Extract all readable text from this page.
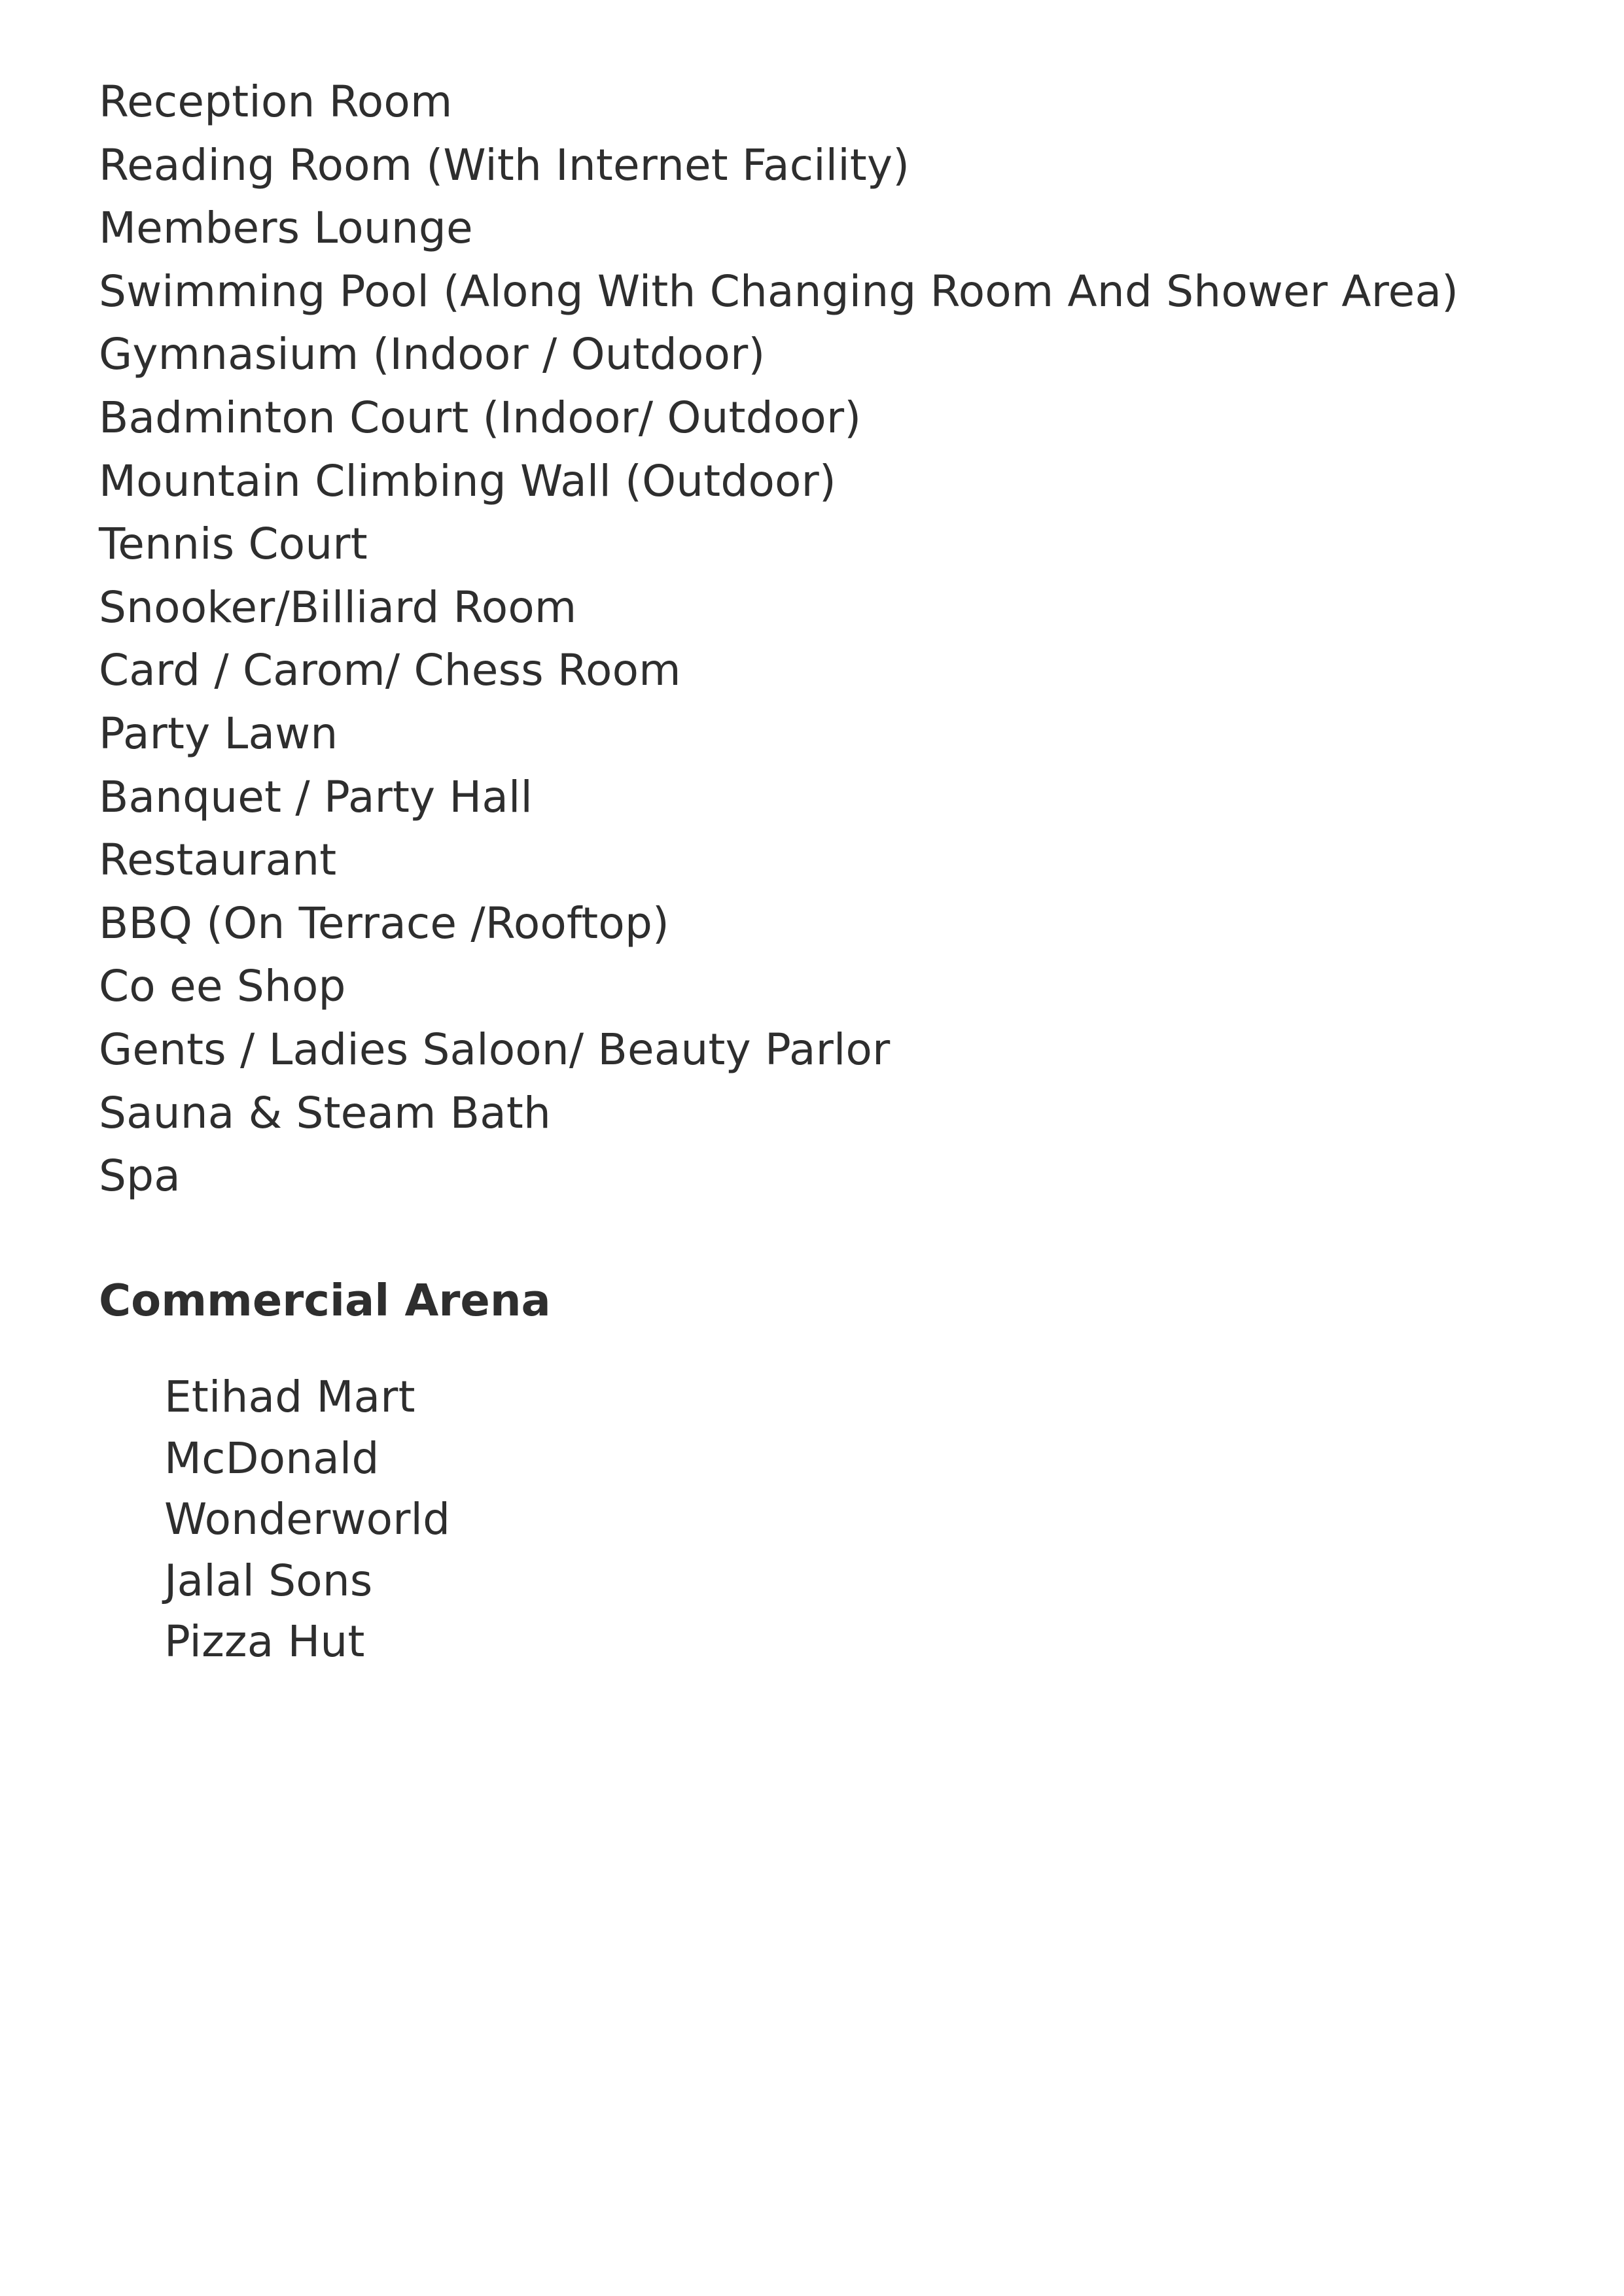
Reception Room
Reading Room (With Internet Facility)
Members Lounge
Swimming Pool (Along With Changing Room And Shower Area)
Gymnasium (Indoor / Outdoor)
Badminton Court (Indoor/ Outdoor)
Mountain Climbing Wall (Outdoor)
Tennis Court
Snooker/Billiard Room
Card / Carom/ Chess Room
Party Lawn
Banquet / Party Hall
Restaurant
BBQ (On Terrace /Rooftop)
Co ee Shop
Gents / Ladies Saloon/ Beauty Parlor
Sauna & Steam Bath
Spa
Commercial Arena
Etihad Mart
McDonald
Wonderworld
Jalal Sons
Pizza Hut
